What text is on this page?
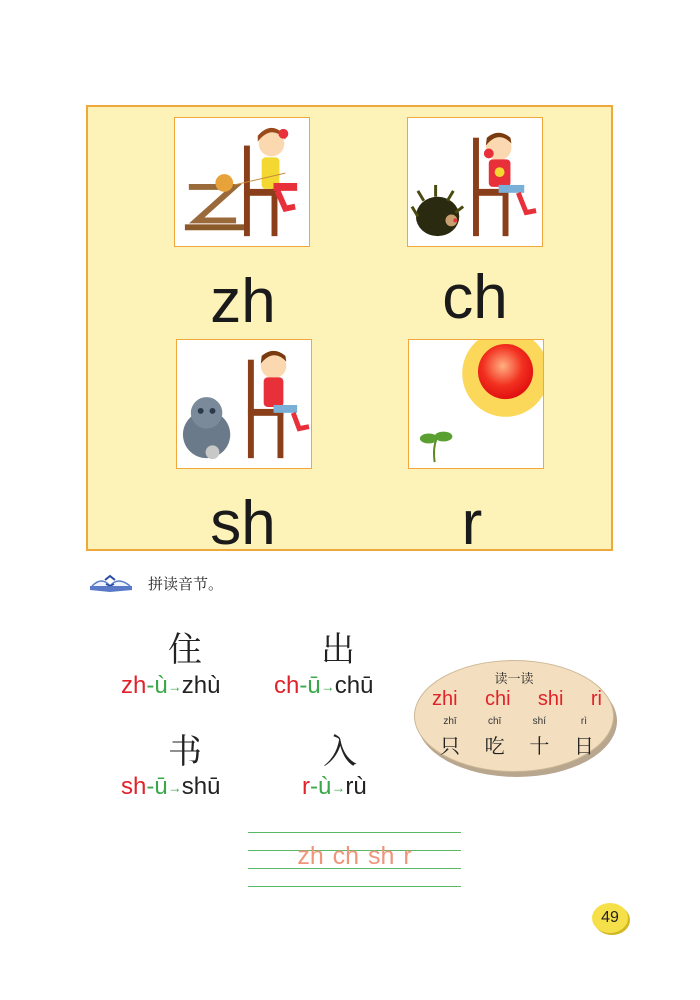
zh	ch
sh	r
拼读音节。
住
zh-ù→zhù
出
ch-ū→chū
书
sh-ū→shū
入
r-ù→rù
读一读
zhi chi shi ri
zhī	chī	shí	rì
只	吃	十	日
zh ch sh r
49
